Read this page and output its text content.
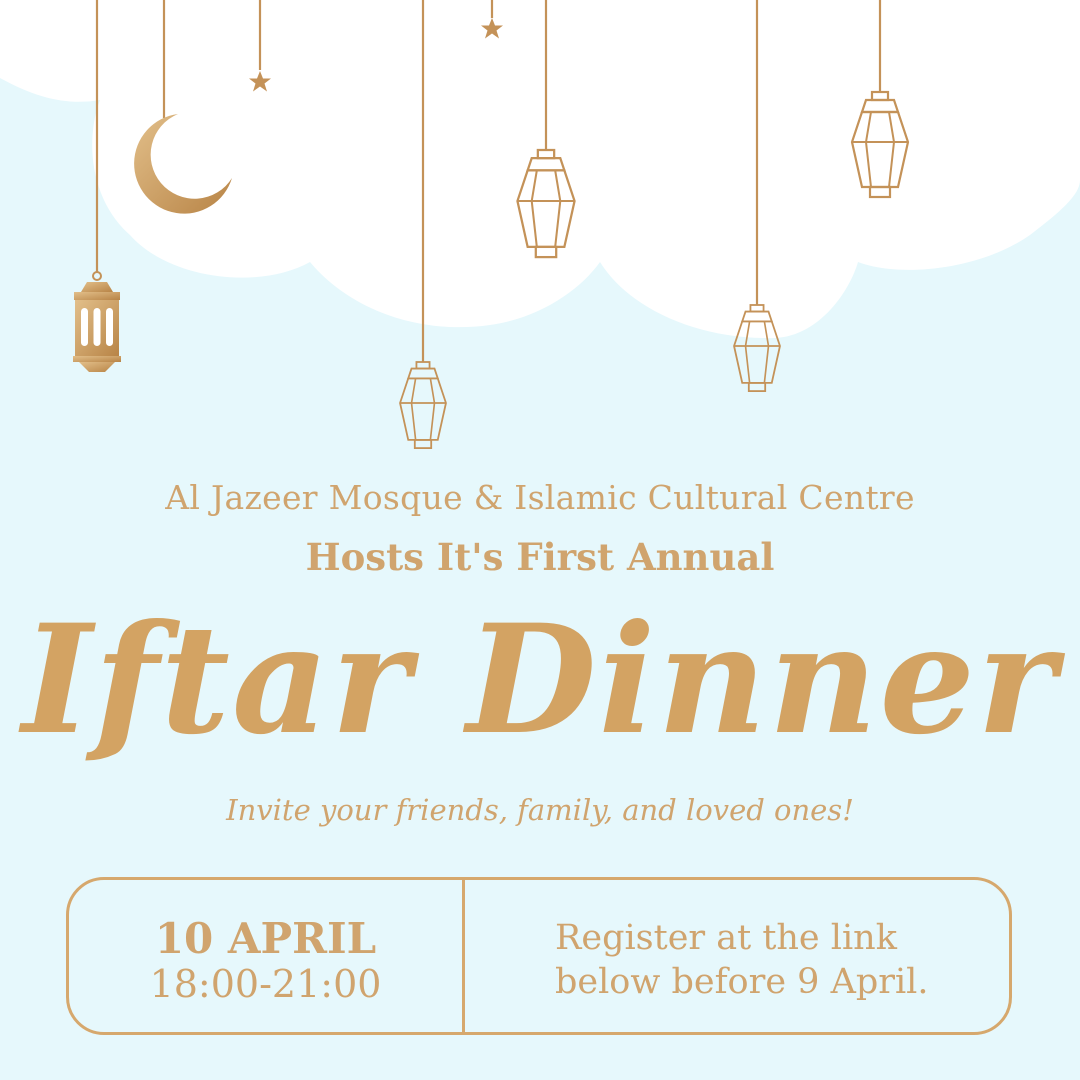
Al Jazeer Mosque & Islamic Cultural Centre
Hosts It's First Annual
Iftar Dinner
Invite your friends, family, and loved ones!
10 APRIL
18:00-21:00
Register at the link below before 9 April.
